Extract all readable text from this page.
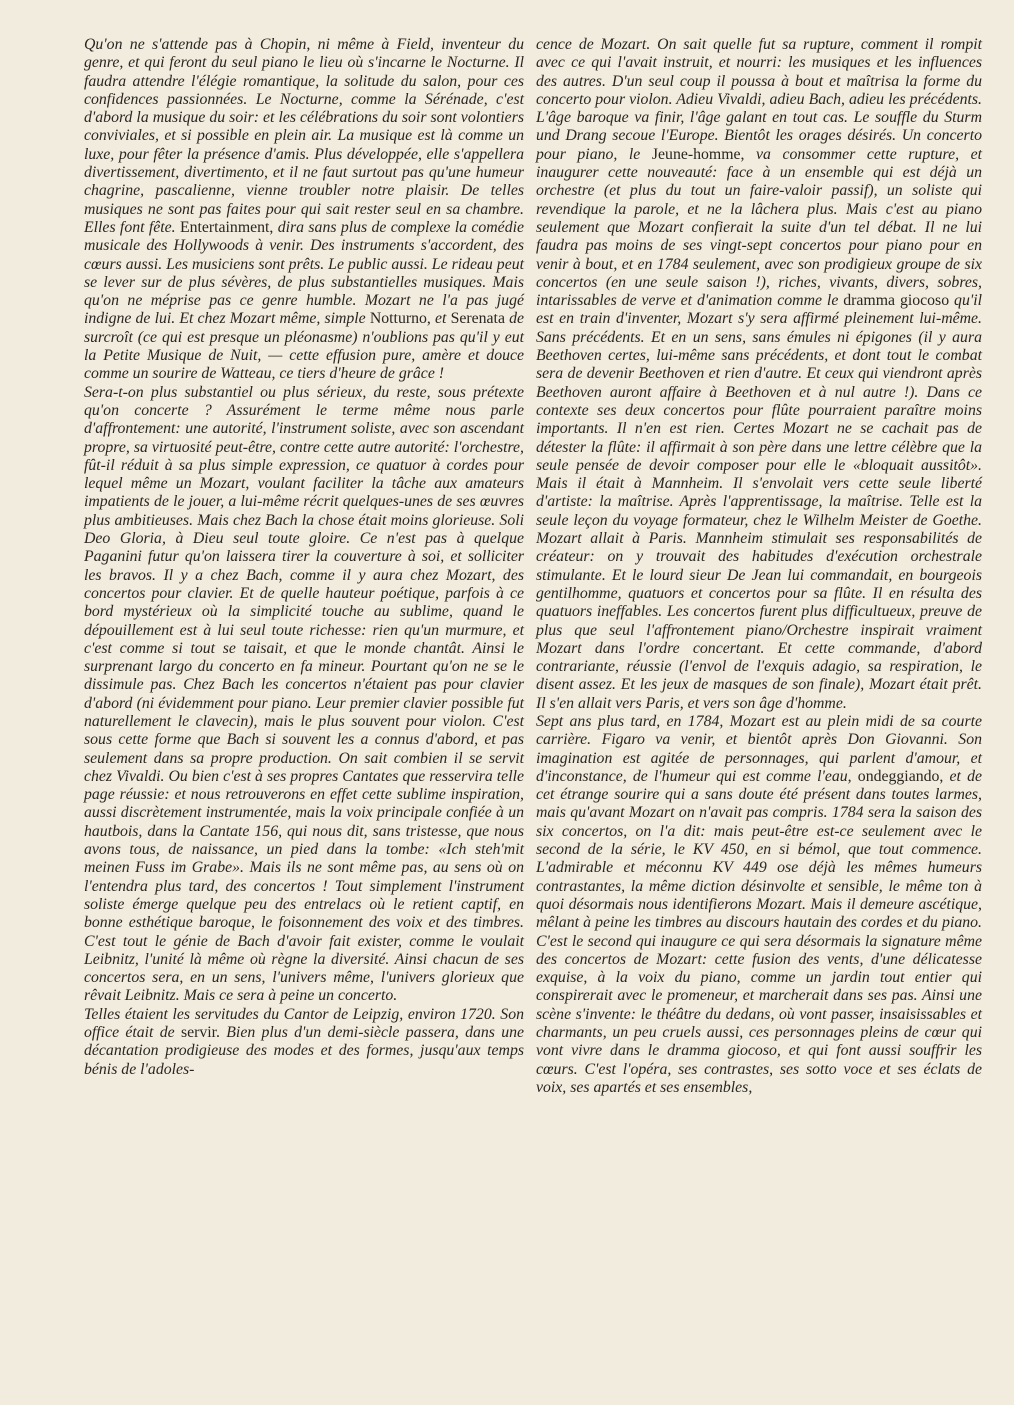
Qu'on ne s'attende pas à Chopin, ni même à Field, inventeur du genre, et qui feront du seul piano le lieu où s'incarne le Nocturne. Il faudra attendre l'élégie romantique, la solitude du salon, pour ces confidences passionnées. Le Nocturne, comme la Sérénade, c'est d'abord la musique du soir: et les célébrations du soir sont volontiers conviviales, et si possible en plein air. La musique est là comme un luxe, pour fêter la présence d'amis. Plus développée, elle s'appellera divertissement, divertimento, et il ne faut surtout pas qu'une humeur chagrine, pascalienne, vienne troubler notre plaisir. De telles musiques ne sont pas faites pour qui sait rester seul en sa chambre. Elles font fête. Entertainment, dira sans plus de complexe la comédie musicale des Hollywoods à venir. Des instruments s'accordent, des cœurs aussi. Les musiciens sont prêts. Le public aussi. Le rideau peut se lever sur de plus sévères, de plus substantielles musiques. Mais qu'on ne méprise pas ce genre humble. Mozart ne l'a pas jugé indigne de lui. Et chez Mozart même, simple Notturno, et Serenata de surcroît (ce qui est presque un pléonasme) n'oublions pas qu'il y eut la Petite Musique de Nuit, — cette effusion pure, amère et douce comme un sourire de Watteau, ce tiers d'heure de grâce !

Sera-t-on plus substantiel ou plus sérieux, du reste, sous prétexte qu'on concerte ? Assurément le terme même nous parle d'affrontement: une autorité, l'instrument soliste, avec son ascendant propre, sa virtuosité peut-être, contre cette autre autorité: l'orchestre, fût-il réduit à sa plus simple expression, ce quatuor à cordes pour lequel même un Mozart, voulant faciliter la tâche aux amateurs impatients de le jouer, a lui-même récrit quelques-unes de ses œuvres plus ambitieuses. Mais chez Bach la chose était moins glorieuse. Soli Deo Gloria, à Dieu seul toute gloire. Ce n'est pas à quelque Paganini futur qu'on laissera tirer la couverture à soi, et solliciter les bravos. Il y a chez Bach, comme il y aura chez Mozart, des concertos pour clavier. Et de quelle hauteur poétique, parfois à ce bord mystérieux où la simplicité touche au sublime, quand le dépouillement est à lui seul toute richesse: rien qu'un murmure, et c'est comme si tout se taisait, et que le monde chantât. Ainsi le surprenant largo du concerto en fa mineur. Pourtant qu'on ne se le dissimule pas. Chez Bach les concertos n'étaient pas pour clavier d'abord (ni évidemment pour piano. Leur premier clavier possible fut naturellement le clavecin), mais le plus souvent pour violon. C'est sous cette forme que Bach si souvent les a connus d'abord, et pas seulement dans sa propre production. On sait combien il se servit chez Vivaldi. Ou bien c'est à ses propres Cantates que resservira telle page réussie: et nous retrouverons en effet cette sublime inspiration, aussi discrètement instrumentée, mais la voix principale confiée à un hautbois, dans la Cantate 156, qui nous dit, sans tristesse, que nous avons tous, de naissance, un pied dans la tombe: «Ich steh'mit meinen Fuss im Grabe». Mais ils ne sont même pas, au sens où on l'entendra plus tard, des concertos ! Tout simplement l'instrument soliste émerge quelque peu des entrelacs où le retient captif, en bonne esthétique baroque, le foisonnement des voix et des timbres. C'est tout le génie de Bach d'avoir fait exister, comme le voulait Leibnitz, l'unité là même où règne la diversité. Ainsi chacun de ses concertos sera, en un sens, l'univers même, l'univers glorieux que rêvait Leibnitz. Mais ce sera à peine un concerto.

Telles étaient les servitudes du Cantor de Leipzig, environ 1720. Son office était de servir. Bien plus d'un demi-siècle passera, dans une décantation prodigieuse des modes et des formes, jusqu'aux temps bénis de l'adoles-

cence de Mozart. On sait quelle fut sa rupture, comment il rompit avec ce qui l'avait instruit, et nourri: les musiques et les influences des autres. D'un seul coup il poussa à bout et maîtrisa la forme du concerto pour violon. Adieu Vivaldi, adieu Bach, adieu les précédents. L'âge baroque va finir, l'âge galant en tout cas. Le souffle du Sturm und Drang secoue l'Europe. Bientôt les orages désirés. Un concerto pour piano, le Jeune-homme, va consommer cette rupture, et inaugurer cette nouveauté: face à un ensemble qui est déjà un orchestre (et plus du tout un faire-valoir passif), un soliste qui revendique la parole, et ne la lâchera plus. Mais c'est au piano seulement que Mozart confierait la suite d'un tel débat. Il ne lui faudra pas moins de ses vingt-sept concertos pour piano pour en venir à bout, et en 1784 seulement, avec son prodigieux groupe de six concertos (en une seule saison !), riches, vivants, divers, sobres, intarissables de verve et d'animation comme le dramma giocoso qu'il est en train d'inventer, Mozart s'y sera affirmé pleinement lui-même. Sans précédents. Et en un sens, sans émules ni épigones (il y aura Beethoven certes, lui-même sans précédents, et dont tout le combat sera de devenir Beethoven et rien d'autre. Et ceux qui viendront après Beethoven auront affaire à Beethoven et à nul autre !). Dans ce contexte ses deux concertos pour flûte pourraient paraître moins importants. Il n'en est rien. Certes Mozart ne se cachait pas de détester la flûte: il affirmait à son père dans une lettre célèbre que la seule pensée de devoir composer pour elle le «bloquait aussitôt». Mais il était à Mannheim. Il s'envolait vers cette seule liberté d'artiste: la maîtrise. Après l'apprentissage, la maîtrise. Telle est la seule leçon du voyage formateur, chez le Wilhelm Meister de Goethe. Mozart allait à Paris. Mannheim stimulait ses responsabilités de créateur: on y trouvait des habitudes d'exécution orchestrale stimulante. Et le lourd sieur De Jean lui commandait, en bourgeois gentilhomme, quatuors et concertos pour sa flûte. Il en résulta des quatuors ineffables. Les concertos furent plus difficultueux, preuve de plus que seul l'affrontement piano/Orchestre inspirait vraiment Mozart dans l'ordre concertant. Et cette commande, d'abord contrariante, réussie (l'envol de l'exquis adagio, sa respiration, le disent assez. Et les jeux de masques de son finale), Mozart était prêt. Il s'en allait vers Paris, et vers son âge d'homme.

Sept ans plus tard, en 1784, Mozart est au plein midi de sa courte carrière. Figaro va venir, et bientôt après Don Giovanni. Son imagination est agitée de personnages, qui parlent d'amour, et d'inconstance, de l'humeur qui est comme l'eau, ondeggiando, et de cet étrange sourire qui a sans doute été présent dans toutes larmes, mais qu'avant Mozart on n'avait pas compris. 1784 sera la saison des six concertos, on l'a dit: mais peut-être est-ce seulement avec le second de la série, le KV 450, en si bémol, que tout commence. L'admirable et méconnu KV 449 ose déjà les mêmes humeurs contrastantes, la même diction désinvolte et sensible, le même ton à quoi désormais nous identifierons Mozart. Mais il demeure ascétique, mêlant à peine les timbres au discours hautain des cordes et du piano. C'est le second qui inaugure ce qui sera désormais la signature même des concertos de Mozart: cette fusion des vents, d'une délicatesse exquise, à la voix du piano, comme un jardin tout entier qui conspirerait avec le promeneur, et marcherait dans ses pas. Ainsi une scène s'invente: le théâtre du dedans, où vont passer, insaisissables et charmants, un peu cruels aussi, ces personnages pleins de cœur qui vont vivre dans le dramma giocoso, et qui font aussi souffrir les cœurs. C'est l'opéra, ses contrastes, ses sotto voce et ses éclats de voix, ses apartés et ses ensembles,
